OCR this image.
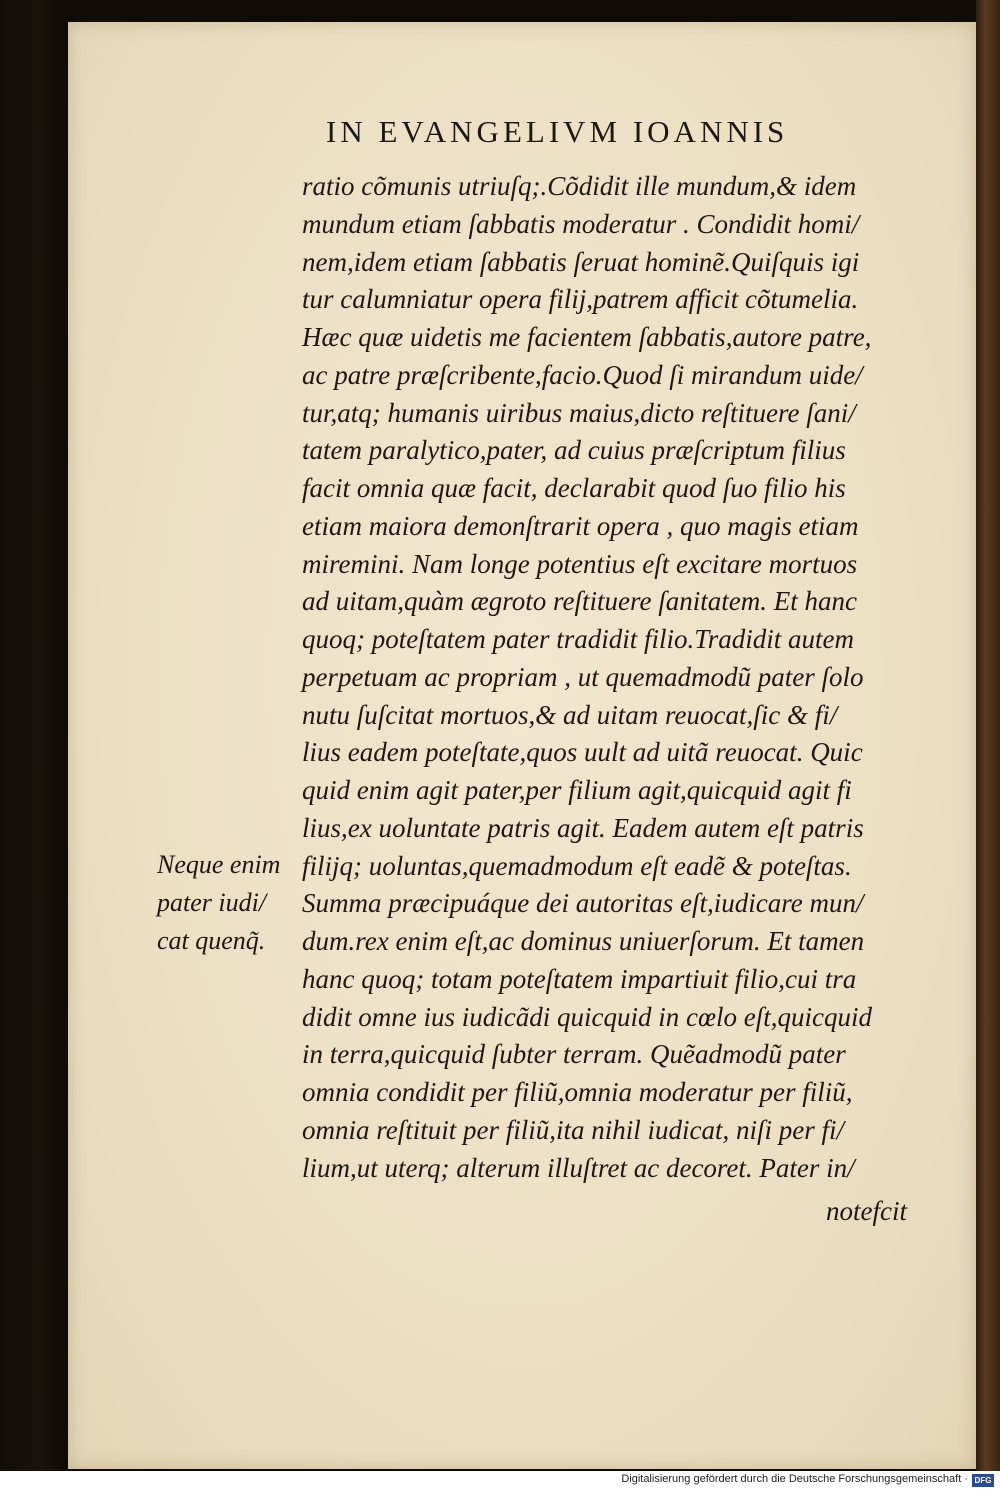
IN EVANGELIVM IOANNIS
ratio cõmunis utriuſq;.Cõdidit ille mundum,& idem
mundum etiam ſabbatis moderatur . Condidit homi/
nem,idem etiam ſabbatis ſeruat hominẽ.Quiſquis igi
tur calumniatur opera filij,patrem afficit cõtumelia.
Hæc quæ uidetis me facientem ſabbatis,autore patre,
ac patre præſcribente,facio.Quod ſi mirandum uide/
tur,atq; humanis uiribus maius,dicto reſtituere ſani/
tatem paralytico,pater, ad cuius præſcriptum filius
facit omnia quæ facit, declarabit quod ſuo filio his
etiam maiora demonſtrarit opera , quo magis etiam
miremini. Nam longe potentius eſt excitare mortuos
ad uitam,quàm ægroto reſtituere ſanitatem. Et hanc
quoq; poteſtatem pater tradidit filio.Tradidit autem
perpetuam ac propriam , ut quemadmodũ pater ſolo
nutu ſuſcitat mortuos,& ad uitam reuocat,ſic & fi/
lius eadem poteſtate,quos uult ad uitã reuocat. Quic
quid enim agit pater,per filium agit,quicquid agit fi
lius,ex uoluntate patris agit. Eadem autem eſt patris
filijq; uoluntas,quemadmodum eſt eadẽ & poteſtas.
Summa præcipuáque dei autoritas eſt,iudicare mun/
dum.rex enim eſt,ac dominus uniuerſorum. Et tamen
hanc quoq; totam poteſtatem impartiuit filio,cui tra
didit omne ius iudicãdi quicquid in cœlo eſt,quicquid
in terra,quicquid ſubter terram. Quẽadmodũ pater
omnia condidit per filiũ,omnia moderatur per filiũ,
omnia reſtituit per filiũ,ita nihil iudicat, niſi per fi/
lium,ut uterq; alterum illuſtret ac decoret. Pater in/
Neque enim
pater iudi/
cat quenq̃.
notefcit
Digitalisierung gefördert durch die Deutsche Forschungsgemeinschaft · DFG
